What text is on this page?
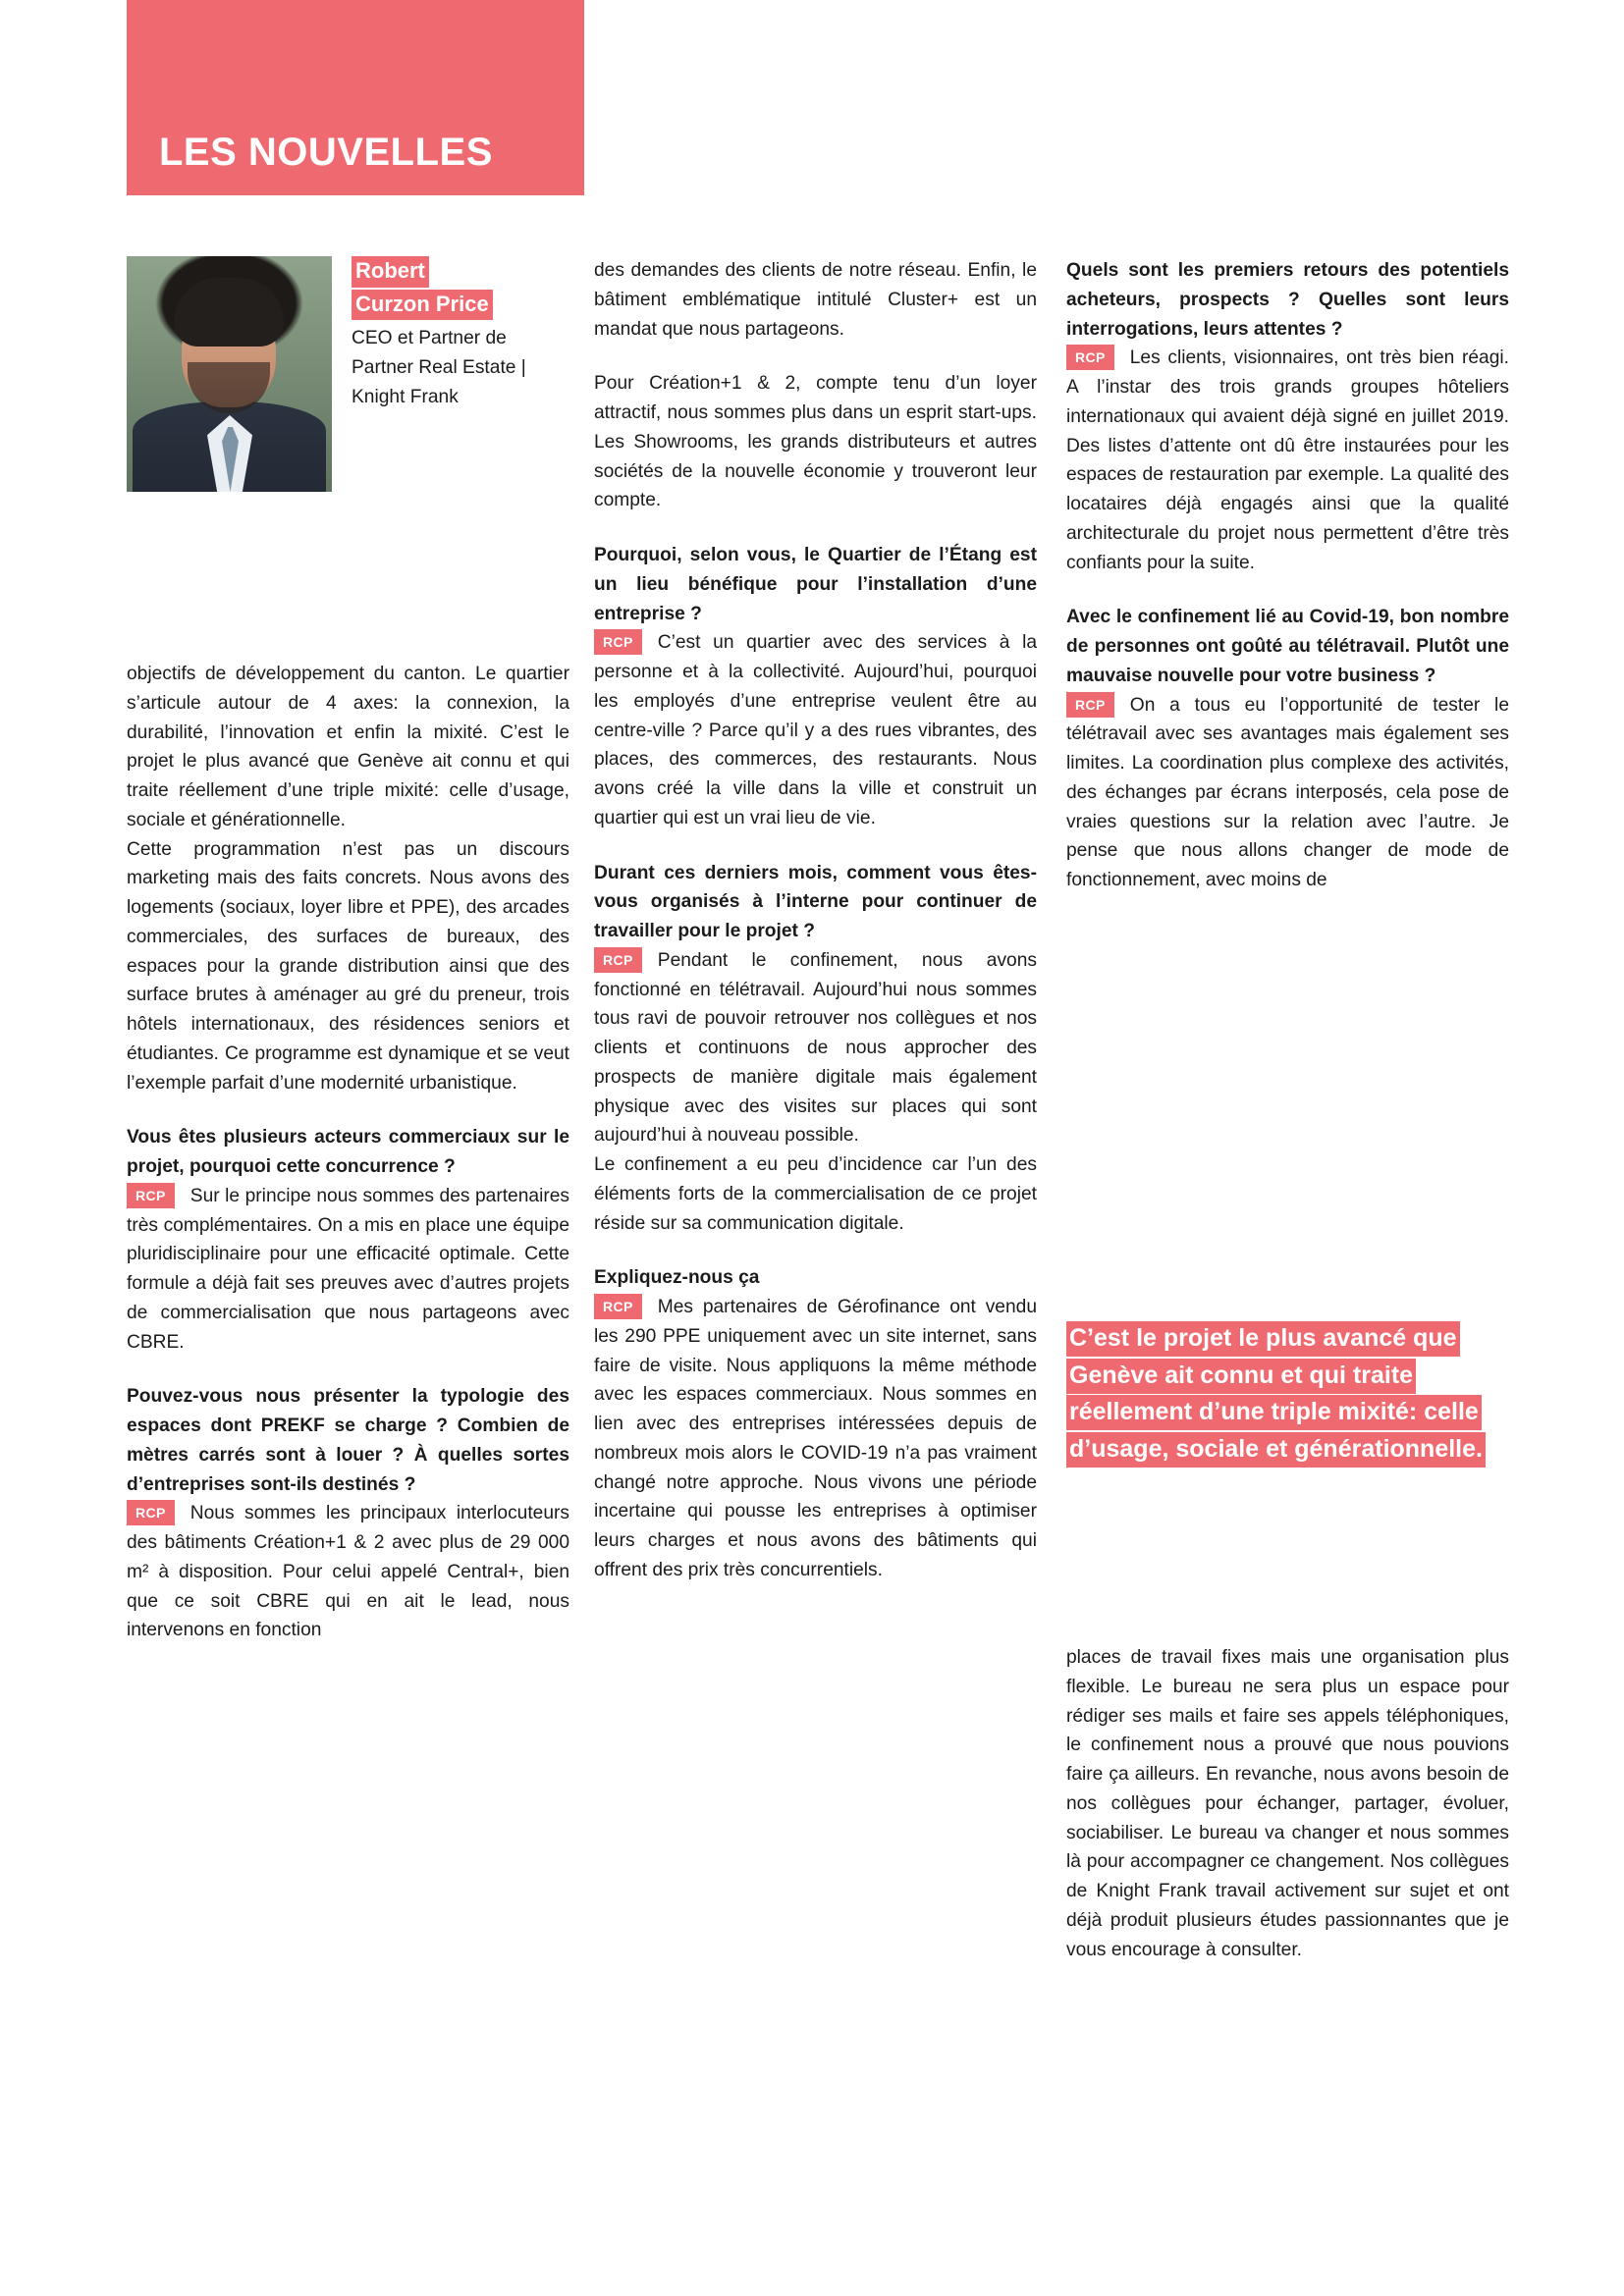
LES NOUVELLES
Robert
Curzon Price
CEO et Partner de Partner Real Estate | Knight Frank

objectifs de développement du canton. Le quartier s’articule autour de 4 axes: la connexion, la durabilité, l’innovation et enfin la mixité. C’est le projet le plus avancé que Genève ait connu et qui traite réellement d’une triple mixité: celle d’usage, sociale et générationnelle.

Cette programmation n’est pas un discours marketing mais des faits concrets. Nous avons des logements (sociaux, loyer libre et PPE), des arcades commerciales, des surfaces de bureaux, des espaces pour la grande distribution ainsi que des surface brutes à aménager au gré du preneur, trois hôtels internationaux, des résidences seniors et étudiantes. Ce programme est dynamique et se veut l’exemple parfait d’une modernité urbanistique.

Vous êtes plusieurs acteurs commerciaux sur le projet, pourquoi cette concurrence ?

RCP Sur le principe nous sommes des partenaires très complémentaires. On a mis en place une équipe pluridisciplinaire pour une efficacité optimale. Cette formule a déjà fait ses preuves avec d’autres projets de commercialisation que nous partageons avec CBRE.

Pouvez-vous nous présenter la typologie des espaces dont PREKF se charge ? Combien de mètres carrés sont à louer ? À quelles sortes d’entreprises sont-ils destinés ?

RCP Nous sommes les principaux interlocuteurs des bâtiments Création+1 & 2 avec plus de 29 000 m² à disposition. Pour celui appelé Central+, bien que ce soit CBRE qui en ait le lead, nous intervenons en fonction

des demandes des clients de notre réseau. Enfin, le bâtiment emblématique intitulé Cluster+ est un mandat que nous partageons.

Pour Création+1 & 2, compte tenu d’un loyer attractif, nous sommes plus dans un esprit start-ups. Les Showrooms, les grands distributeurs et autres sociétés de la nouvelle économie y trouveront leur compte.

Pourquoi, selon vous, le Quartier de l’Étang est un lieu bénéfique pour l’installation d’une entreprise ?

RCP C’est un quartier avec des services à la personne et à la collectivité. Aujourd’hui, pourquoi les employés d’une entreprise veulent être au centre-ville ? Parce qu’il y a des rues vibrantes, des places, des commerces, des restaurants. Nous avons créé la ville dans la ville et construit un quartier qui est un vrai lieu de vie.

Durant ces derniers mois, comment vous êtes-vous organisés à l’interne pour continuer de travailler pour le projet ?

RCP Pendant le confinement, nous avons fonctionné en télétravail. Aujourd’hui nous sommes tous ravi de pouvoir retrouver nos collègues et nos clients et continuons de nous approcher des prospects de manière digitale mais également physique avec des visites sur places qui sont aujourd’hui à nouveau possible.

Le confinement a eu peu d’incidence car l’un des éléments forts de la commercialisation de ce projet réside sur sa communication digitale.

Expliquez-nous ça

RCP Mes partenaires de Gérofinance ont vendu les 290 PPE uniquement avec un site internet, sans faire de visite. Nous appliquons la même méthode avec les espaces commerciaux. Nous sommes en lien avec des entreprises intéressées depuis de nombreux mois alors le COVID-19 n’a pas vraiment changé notre approche. Nous vivons une période incertaine qui pousse les entreprises à optimiser leurs charges et nous avons des bâtiments qui offrent des prix très concurrentiels.

Quels sont les premiers retours des potentiels acheteurs, prospects ? Quelles sont leurs interrogations, leurs attentes ?

RCP Les clients, visionnaires, ont très bien réagi. A l’instar des trois grands groupes hôteliers internationaux qui avaient déjà signé en juillet 2019. Des listes d’attente ont dû être instaurées pour les espaces de restauration par exemple. La qualité des locataires déjà engagés ainsi que la qualité architecturale du projet nous permettent d’être très confiants pour la suite.

Avec le confinement lié au Covid-19, bon nombre de personnes ont goûté au télétravail. Plutôt une mauvaise nouvelle pour votre business ?

RCP On a tous eu l’opportunité de tester le télétravail avec ses avantages mais également ses limites. La coordination plus complexe des activités, des échanges par écrans interposés, cela pose de vraies questions sur la relation avec l’autre. Je pense que nous allons changer de mode de fonctionnement, avec moins de

C’est le projet le plus avancé que Genève ait connu et qui traite réellement d’une triple mixité: celle d’usage, sociale et générationnelle.

places de travail fixes mais une organisation plus flexible. Le bureau ne sera plus un espace pour rédiger ses mails et faire ses appels téléphoniques, le confinement nous a prouvé que nous pouvions faire ça ailleurs. En revanche, nous avons besoin de nos collègues pour échanger, partager, évoluer, sociabiliser. Le bureau va changer et nous sommes là pour accompagner ce changement. Nos collègues de Knight Frank travail activement sur sujet et ont déjà produit plusieurs études passionnantes que je vous encourage à consulter.
